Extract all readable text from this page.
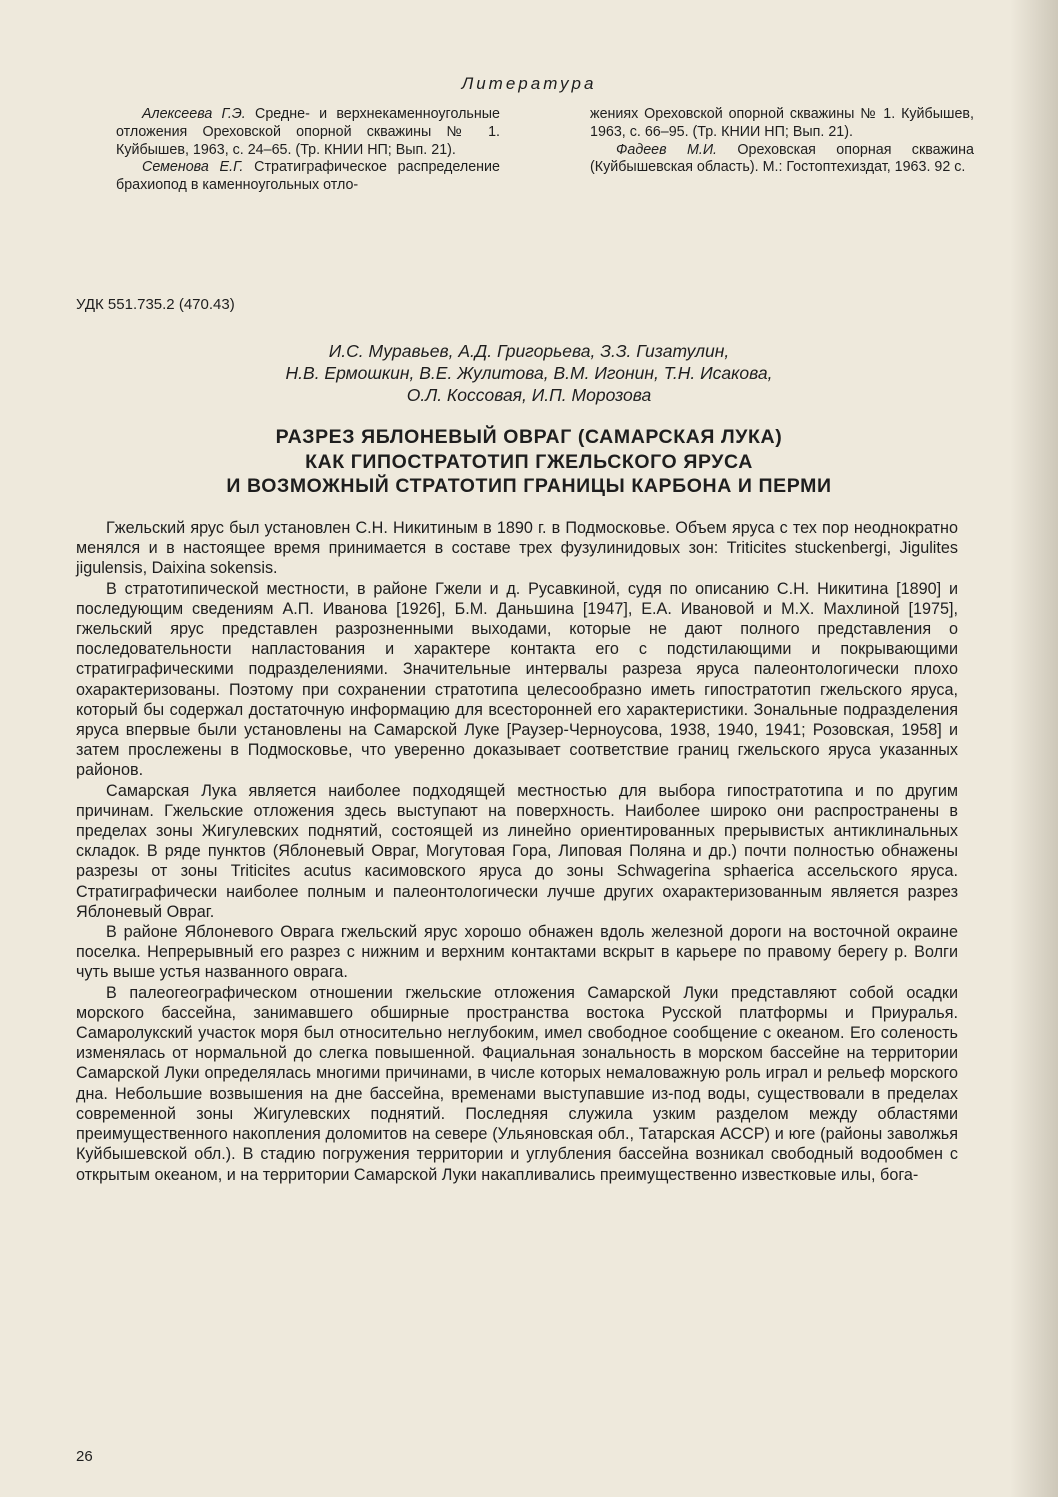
Литература

Алексеева Г.Э. Средне- и верхнекаменноугольные отложения Ореховской опорной скважины № 1. Куйбышев, 1963, с. 24–65. (Тр. КНИИ НП; Вып. 21).

Семенова Е.Г. Стратиграфическое распределение брахиопод в каменноугольных отло-

жениях Ореховской опорной скважины № 1. Куйбышев, 1963, с. 66–95. (Тр. КНИИ НП; Вып. 21).

Фадеев М.И. Ореховская опорная скважина (Куйбышевская область). М.: Гостоптехиздат, 1963. 92 с.

УДК 551.735.2 (470.43)
И.С. Муравьев, А.Д. Григорьева, З.З. Гизатулин,
Н.В. Ермошкин, В.Е. Жулитова, В.М. Игонин, Т.Н. Исакова,
О.Л. Коссовая, И.П. Морозова
РАЗРЕЗ ЯБЛОНЕВЫЙ ОВРАГ (САМАРСКАЯ ЛУКА)
КАК ГИПОСТРАТОТИП ГЖЕЛЬСКОГО ЯРУСА
И ВОЗМОЖНЫЙ СТРАТОТИП ГРАНИЦЫ КАРБОНА И ПЕРМИ

Гжельский ярус был установлен С.Н. Никитиным в 1890 г. в Подмосковье. Объем яруса с тех пор неоднократно менялся и в настоящее время принимается в составе трех фузулинидовых зон: Triticites stuckenbergi, Jigulites jigulensis, Daixina sokensis.

В стратотипической местности, в районе Гжели и д. Русавкиной, судя по описанию С.Н. Никитина [1890] и последующим сведениям А.П. Иванова [1926], Б.М. Даньшина [1947], Е.А. Ивановой и М.Х. Махлиной [1975], гжельский ярус представлен разрозненными выходами, которые не дают полного представления о последовательности напластования и характере контакта его с подстилающими и покрывающими стратиграфическими подразделениями. Значительные интервалы разреза яруса палеонтологически плохо охарактеризованы. Поэтому при сохранении стратотипа целесообразно иметь гипостратотип гжельского яруса, который бы содержал достаточную информацию для всесторонней его характеристики. Зональные подразделения яруса впервые были установлены на Самарской Луке [Раузер-Черноусова, 1938, 1940, 1941; Розовская, 1958] и затем прослежены в Подмосковье, что уверенно доказывает соответствие границ гжельского яруса указанных районов.

Самарская Лука является наиболее подходящей местностью для выбора гипостратотипа и по другим причинам. Гжельские отложения здесь выступают на поверхность. Наиболее широко они распространены в пределах зоны Жигулевских поднятий, состоящей из линейно ориентированных прерывистых антиклинальных складок. В ряде пунктов (Яблоневый Овраг, Могутовая Гора, Липовая Поляна и др.) почти полностью обнажены разрезы от зоны Triticites acutus касимовского яруса до зоны Schwagerina sphaerica ассельского яруса. Стратиграфически наиболее полным и палеонтологически лучше других охарактеризованным является разрез Яблоневый Овраг.

В районе Яблоневого Оврага гжельский ярус хорошо обнажен вдоль железной дороги на восточной окраине поселка. Непрерывный его разрез с нижним и верхним контактами вскрыт в карьере по правому берегу р. Волги чуть выше устья названного оврага.

В палеогеографическом отношении гжельские отложения Самарской Луки представляют собой осадки морского бассейна, занимавшего обширные пространства востока Русской платформы и Приуралья. Самаролукский участок моря был относительно неглубоким, имел свободное сообщение с океаном. Его соленость изменялась от нормальной до слегка повышенной. Фациальная зональность в морском бассейне на территории Самарской Луки определялась многими причинами, в числе которых немаловажную роль играл и рельеф морского дна. Небольшие возвышения на дне бассейна, временами выступавшие из-под воды, существовали в пределах современной зоны Жигулевских поднятий. Последняя служила узким разделом между областями преимущественного накопления доломитов на севере (Ульяновская обл., Татарская АССР) и юге (районы заволжья Куйбышевской обл.). В стадию погружения территории и углубления бассейна возникал свободный водообмен с открытым океаном, и на территории Самарской Луки накапливались преимущественно известковые илы, бога-

26
